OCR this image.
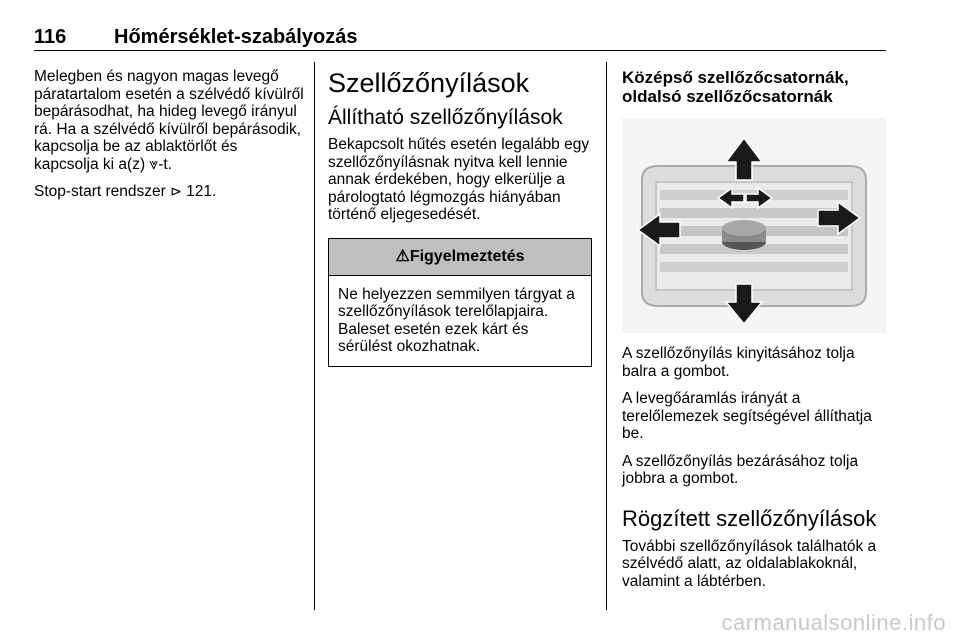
116 Hőmérséklet-szabályozás

Melegben és nagyon magas levegő páratartalom esetén a szélvédő kívülről bepárásodhat, ha hideg levegő irányul rá. Ha a szélvédő kívülről bepárásodik, kapcsolja be az ablaktörlőt és kapcsolja ki a(z) ⩔-t.

Stop-start rendszer ⊳ 121.

Szellőzőnyílások
Állítható szellőzőnyílások

Bekapcsolt hűtés esetén legalább egy szellőzőnyílásnak nyitva kell lennie annak érdekében, hogy elkerülje a párologtató légmozgás hiányában történő eljegesedését.

⚠Figyelmeztetés

Ne helyezzen semmilyen tárgyat a szellőzőnyílások terelőlapjaira. Baleset esetén ezek kárt és sérülést okozhatnak.

Középső szellőzőcsatornák, oldalsó szellőzőcsatornák

A szellőzőnyílás kinyitásához tolja balra a gombot.

A levegőáramlás irányát a terelőlemezek segítségével állíthatja be.

A szellőzőnyílás bezárásához tolja jobbra a gombot.

Rögzített szellőzőnyílások

További szellőzőnyílások találhatók a szélvédő alatt, az oldalablakoknál, valamint a lábtérben.

carmanualsonline.info
